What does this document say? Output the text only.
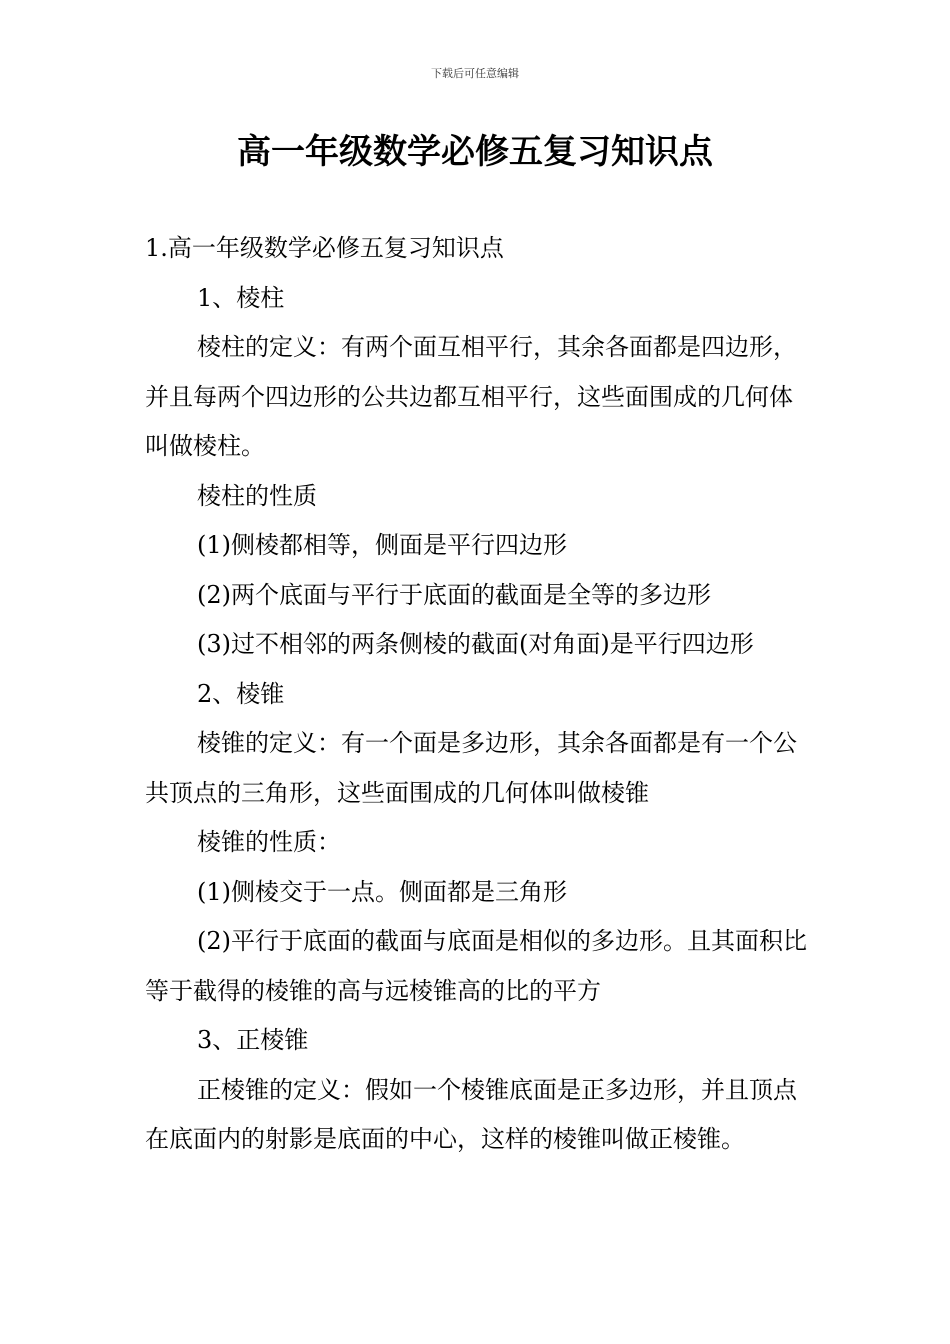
下载后可任意编辑
高一年级数学必修五复习知识点

1.高一年级数学必修五复习知识点

1、棱柱

棱柱的定义：有两个面互相平行，其余各面都是四边形，并且每两个四边形的公共边都互相平行，这些面围成的几何体叫做棱柱。

棱柱的性质

(1)侧棱都相等，侧面是平行四边形

(2)两个底面与平行于底面的截面是全等的多边形

(3)过不相邻的两条侧棱的截面(对角面)是平行四边形

2、棱锥

棱锥的定义：有一个面是多边形，其余各面都是有一个公共顶点的三角形，这些面围成的几何体叫做棱锥

棱锥的性质：

(1)侧棱交于一点。侧面都是三角形

(2)平行于底面的截面与底面是相似的多边形。且其面积比等于截得的棱锥的高与远棱锥高的比的平方

3、正棱锥

正棱锥的定义：假如一个棱锥底面是正多边形，并且顶点在底面内的射影是底面的中心，这样的棱锥叫做正棱锥。
